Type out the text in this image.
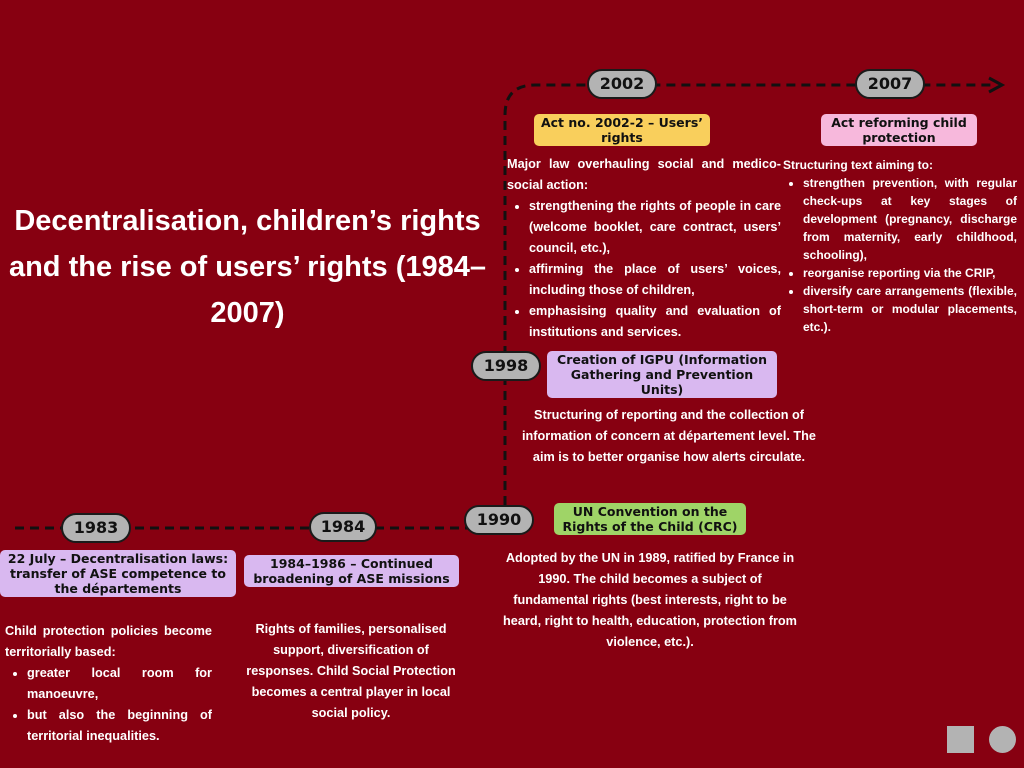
Decentralisation, children’s rights and the rise of users’ rights (1984–2007)
1983
22 July – Decentralisation laws: transfer of ASE competence to the départements

Child protection policies become territorially based:

• greater local room for manoeuvre,
• but also the beginning of territorial inequalities.
1984
1984–1986 – Continued broadening of ASE missions
Rights of families, personalised support, diversification of responses. Child Social Protection becomes a central player in local social policy.
1990	UN Convention on the Rights of the Child (CRC)
Adopted by the UN in 1989, ratified by France in 1990. The child becomes a subject of fundamental rights (best interests, right to be heard, right to health, education, protection from violence, etc.).
1998	Creation of IGPU (Information Gathering and Prevention Units)
Structuring of reporting and the collection of information of concern at département level. The aim is to better organise how alerts circulate.
2002
Act no. 2002-2 – Users’ rights

Major law overhauling social and medico-social action:

• strengthening the rights of people in care (welcome booklet, care contract, users’ council, etc.),
• affirming the place of users’ voices, including those of children,
• emphasising quality and evaluation of institutions and services.
2007
Act reforming child protection

Structuring text aiming to:

• strengthen prevention, with regular check-ups at key stages of development (pregnancy, discharge from maternity, early childhood, schooling),
• reorganise reporting via the CRIP,
• diversify care arrangements (flexible, short-term or modular placements, etc.).
